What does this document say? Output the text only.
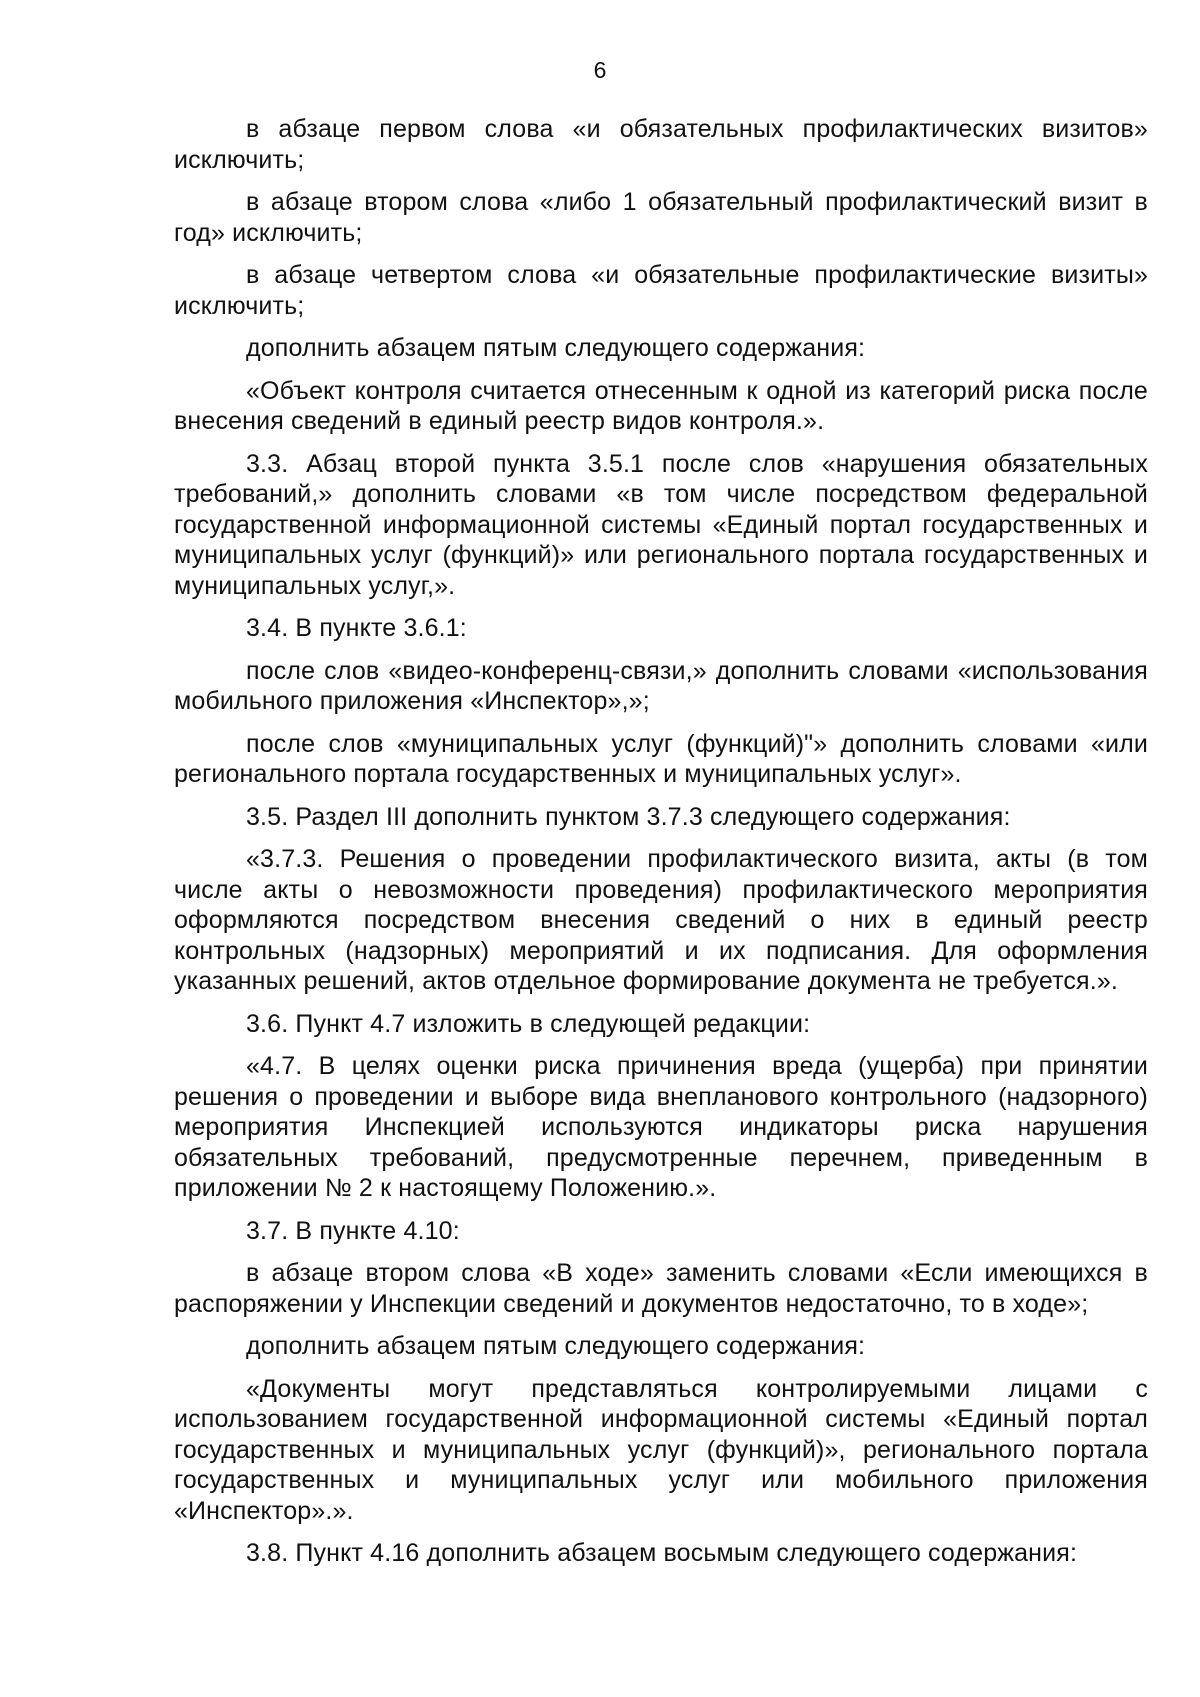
6

в абзаце первом слова «и обязательных профилактических визитов» исключить;

в абзаце втором слова «либо 1 обязательный профилактический визит в год» исключить;

в абзаце четвертом слова «и обязательные профилактические визиты» исключить;

дополнить абзацем пятым следующего содержания:

«Объект контроля считается отнесенным к одной из категорий риска после внесения сведений в единый реестр видов контроля.».

3.3. Абзац второй пункта 3.5.1 после слов «нарушения обязательных требований,» дополнить словами «в том числе посредством федеральной государственной информационной системы «Единый портал государственных и муниципальных услуг (функций)» или регионального портала государственных и муниципальных услуг,».

3.4. В пункте 3.6.1:

после слов «видео-конференц-связи,» дополнить словами «использования мобильного приложения «Инспектор»,»;

после слов «муниципальных услуг (функций)"» дополнить словами «или регионального портала государственных и муниципальных услуг».

3.5. Раздел III дополнить пунктом 3.7.3 следующего содержания:

«3.7.3. Решения о проведении профилактического визита, акты (в том числе акты о невозможности проведения) профилактического мероприятия оформляются посредством внесения сведений о них в единый реестр контрольных (надзорных) мероприятий и их подписания. Для оформления указанных решений, актов отдельное формирование документа не требуется.».

3.6. Пункт 4.7 изложить в следующей редакции:

«4.7. В целях оценки риска причинения вреда (ущерба) при принятии решения о проведении и выборе вида внепланового контрольного (надзорного) мероприятия Инспекцией используются индикаторы риска нарушения обязательных требований, предусмотренные перечнем, приведенным в приложении № 2 к настоящему Положению.».

3.7. В пункте 4.10:

в абзаце втором слова «В ходе» заменить словами «Если имеющихся в распоряжении у Инспекции сведений и документов недостаточно, то в ходе»;

дополнить абзацем пятым следующего содержания:

«Документы могут представляться контролируемыми лицами с использованием государственной информационной системы «Единый портал государственных и муниципальных услуг (функций)», регионального портала государственных и муниципальных услуг или мобильного приложения «Инспектор».».

3.8. Пункт 4.16 дополнить абзацем восьмым следующего содержания:
